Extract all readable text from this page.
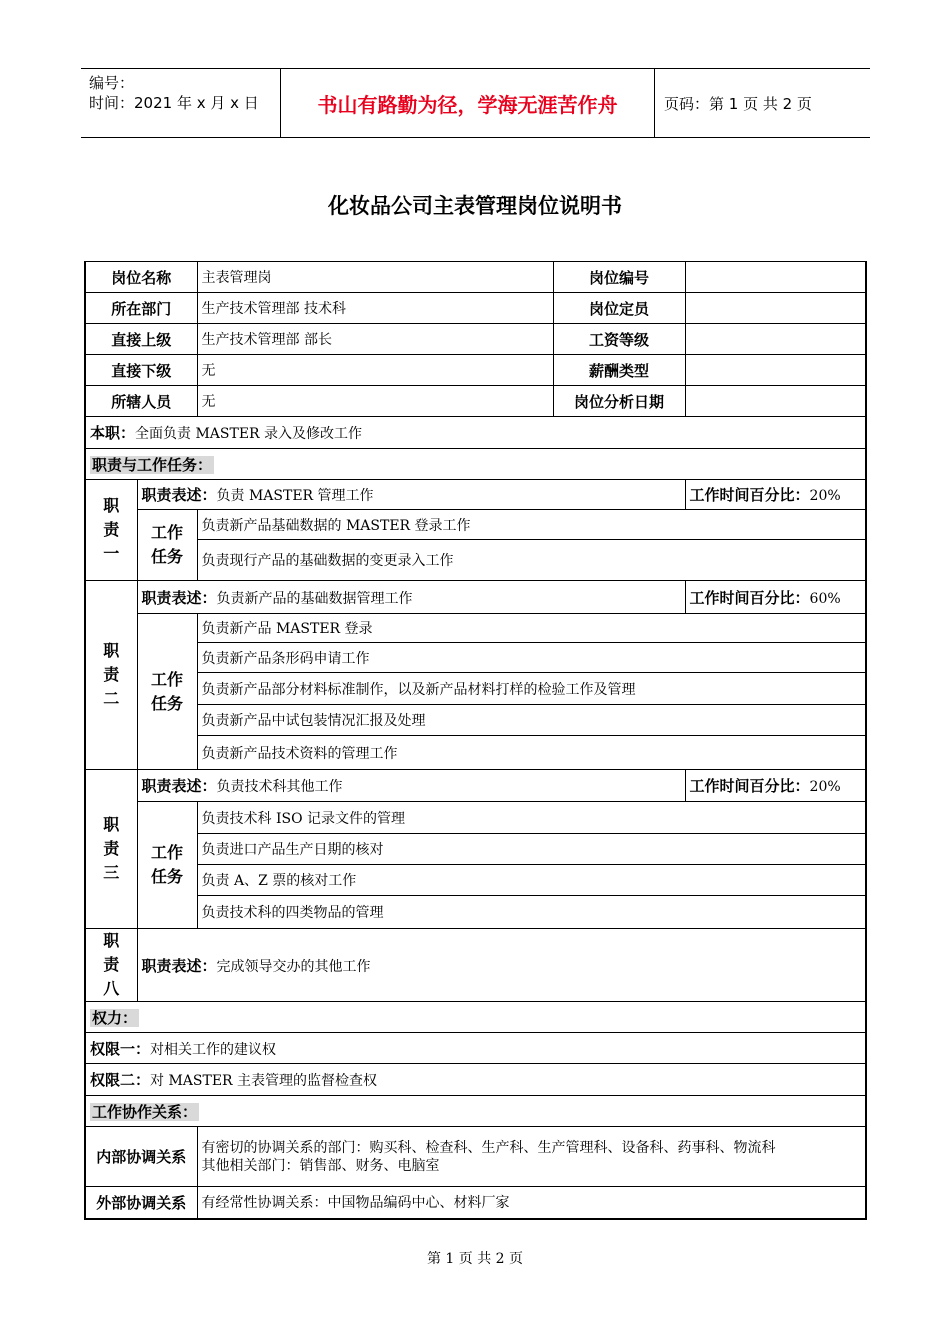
编号：
时间：2021 年 x 月 x 日	书山有路勤为径，学海无涯苦作舟	页码：第 1 页 共 2 页
化妆品公司主表管理岗位说明书
岗位名称		主表管理岗	岗位编号	
所在部门		生产技术管理部 技术科	岗位定员	
直接上级		生产技术管理部 部长	工资等级	
直接下级		无	薪酬类型	
所辖人员		无	岗位分析日期	
本职：全面负责 MASTER 录入及修改工作				
职责与工作任务：				
职
责
一	职责表述：负责 MASTER 管理工作			工作时间百分比：20%
	工作
任务	负责新产品基础数据的 MASTER 登录工作		
		负责现行产品的基础数据的变更录入工作		
职
责
二	职责表述：负责新产品的基础数据管理工作			工作时间百分比：60%
	工作
任务	负责新产品 MASTER 登录		
		负责新产品条形码申请工作		
		负责新产品部分材料标准制作，以及新产品材料打样的检验工作及管理		
		负责新产品中试包装情况汇报及处理		
		负责新产品技术资料的管理工作		
职
责
三	职责表述：负责技术科其他工作			工作时间百分比：20%
	工作
任务	负责技术科 ISO 记录文件的管理		
		负责进口产品生产日期的核对		
		负责 A、Z 票的核对工作		
		负责技术科的四类物品的管理		
职
责
八	职责表述：完成领导交办的其他工作			
权力：				
权限一：对相关工作的建议权				
权限二：对 MASTER 主表管理的监督检查权				
工作协作关系：				
内部协调关系		有密切的协调关系的部门：购买科、检查科、生产科、生产管理科、设备科、药事科、物流科
其他相关部门：销售部、财务、电脑室		

外部协调关系		有经常性协调关系：中国物品编码中心、材料厂家		
第 1 页 共 2 页
